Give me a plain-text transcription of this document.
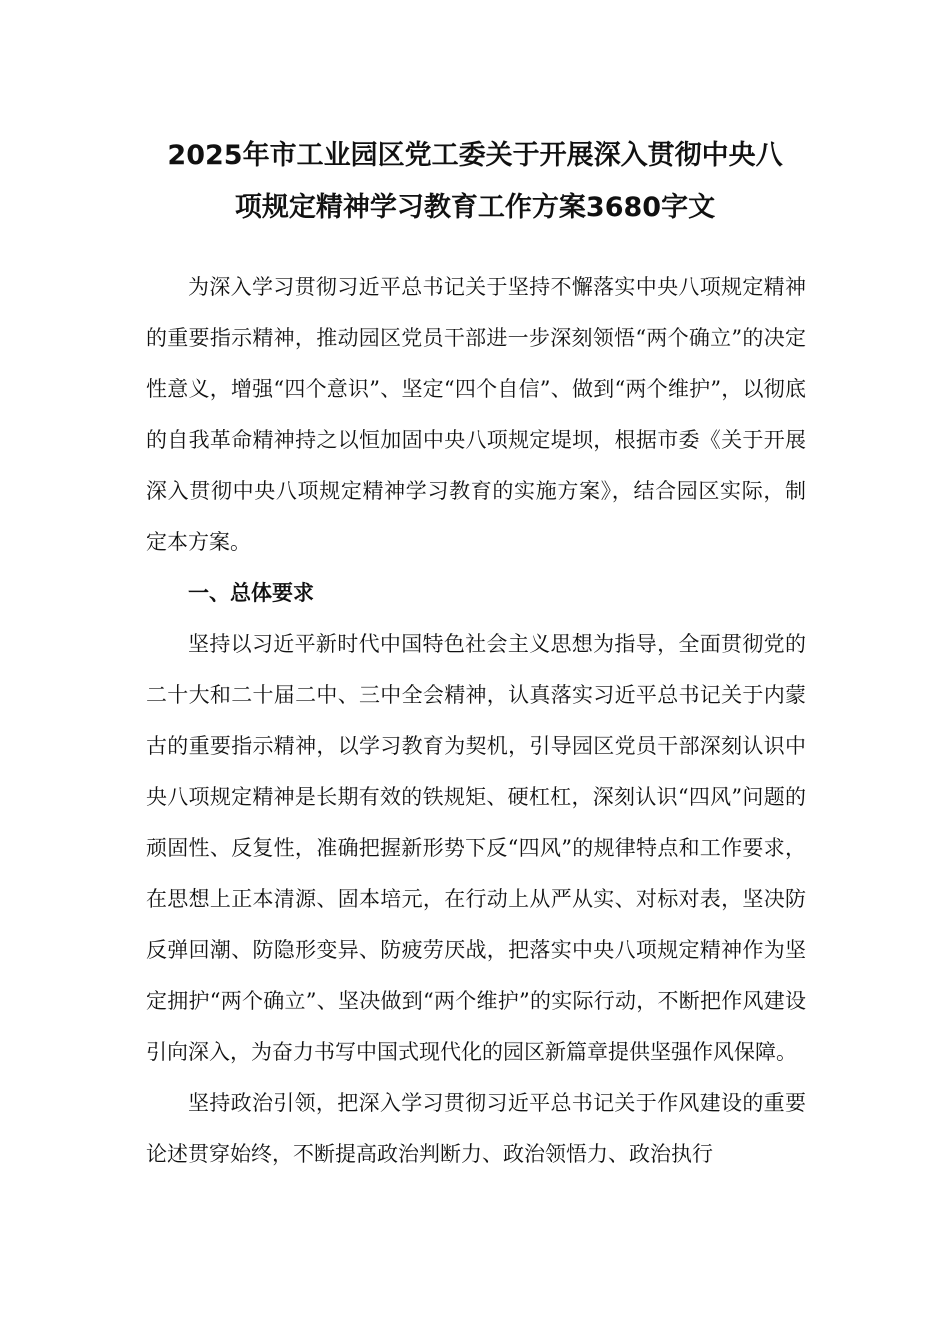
2025年市工业园区党工委关于开展深入贯彻中央八
项规定精神学习教育工作方案3680字文

为深入学习贯彻习近平总书记关于坚持不懈落实中央八项规定精神的重要指示精神，推动园区党员干部进一步深刻领悟“两个确立”的决定性意义，增强“四个意识”、坚定“四个自信”、做到“两个维护”，以彻底的自我革命精神持之以恒加固中央八项规定堤坝，根据市委《关于开展深入贯彻中央八项规定精神学习教育的实施方案》，结合园区实际，制定本方案。

一、总体要求

坚持以习近平新时代中国特色社会主义思想为指导，全面贯彻党的二十大和二十届二中、三中全会精神，认真落实习近平总书记关于内蒙古的重要指示精神，以学习教育为契机，引导园区党员干部深刻认识中央八项规定精神是长期有效的铁规矩、硬杠杠，深刻认识“四风”问题的顽固性、反复性，准确把握新形势下反“四风”的规律特点和工作要求，在思想上正本清源、固本培元，在行动上从严从实、对标对表，坚决防反弹回潮、防隐形变异、防疲劳厌战，把落实中央八项规定精神作为坚定拥护“两个确立”、坚决做到“两个维护”的实际行动，不断把作风建设引向深入，为奋力书写中国式现代化的园区新篇章提供坚强作风保障。

坚持政治引领，把深入学习贯彻习近平总书记关于作风建设的重要论述贯穿始终，不断提高政治判断力、政治领悟力、政治执行
